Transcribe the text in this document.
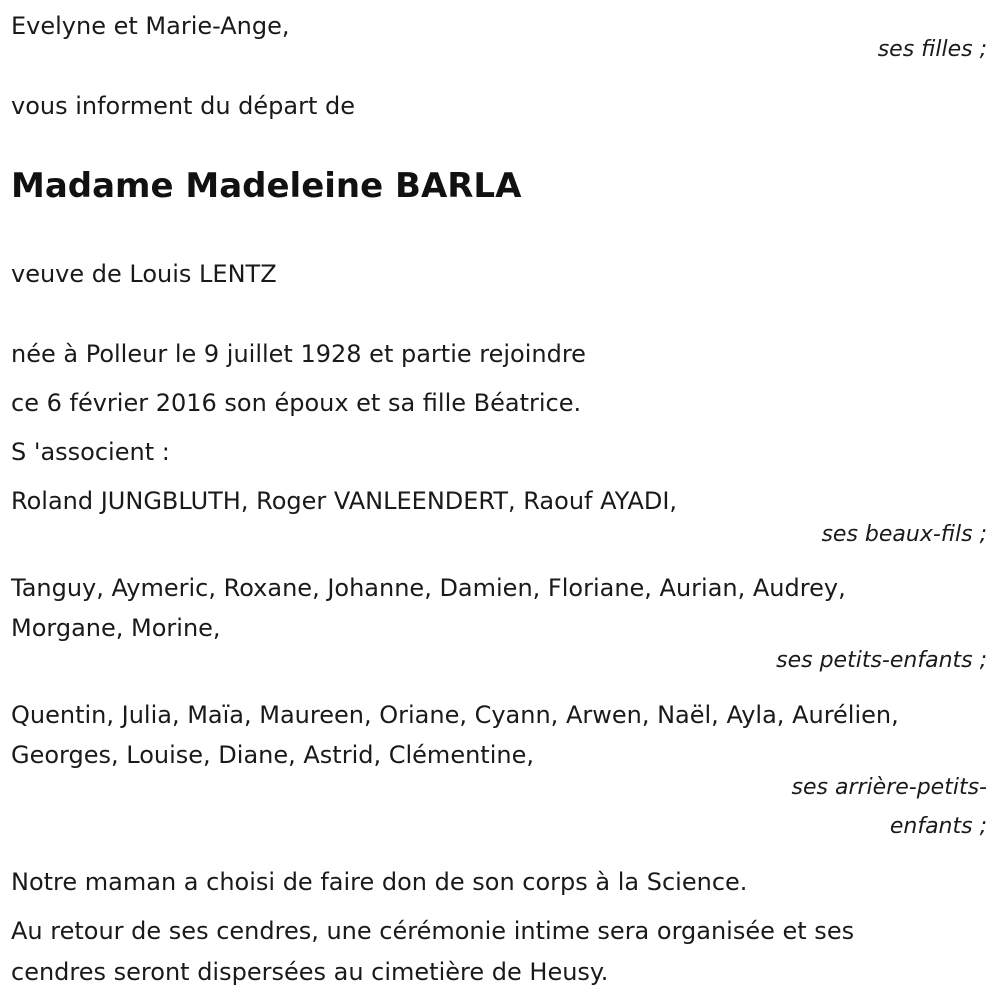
Evelyne et Marie-Ange,
ses filles ;
vous informent du départ de
Madame Madeleine BARLA
veuve de Louis LENTZ
née à Polleur le 9 juillet 1928 et partie rejoindre
ce 6 février 2016 son époux et sa fille Béatrice.
S 'associent :
Roland JUNGBLUTH, Roger VANLEENDERT, Raouf AYADI,
ses beaux-fils ;
Tanguy, Aymeric, Roxane, Johanne, Damien, Floriane, Aurian, Audrey,
Morgane, Morine,
ses petits-enfants ;
Quentin, Julia, Maïa, Maureen, Oriane, Cyann, Arwen, Naël, Ayla, Aurélien,
Georges, Louise, Diane, Astrid, Clémentine,
ses arrière-petits-
enfants ;
Notre maman a choisi de faire don de son corps à la Science.
Au retour de ses cendres, une cérémonie intime sera organisée et ses
cendres seront dispersées au cimetière de Heusy.
